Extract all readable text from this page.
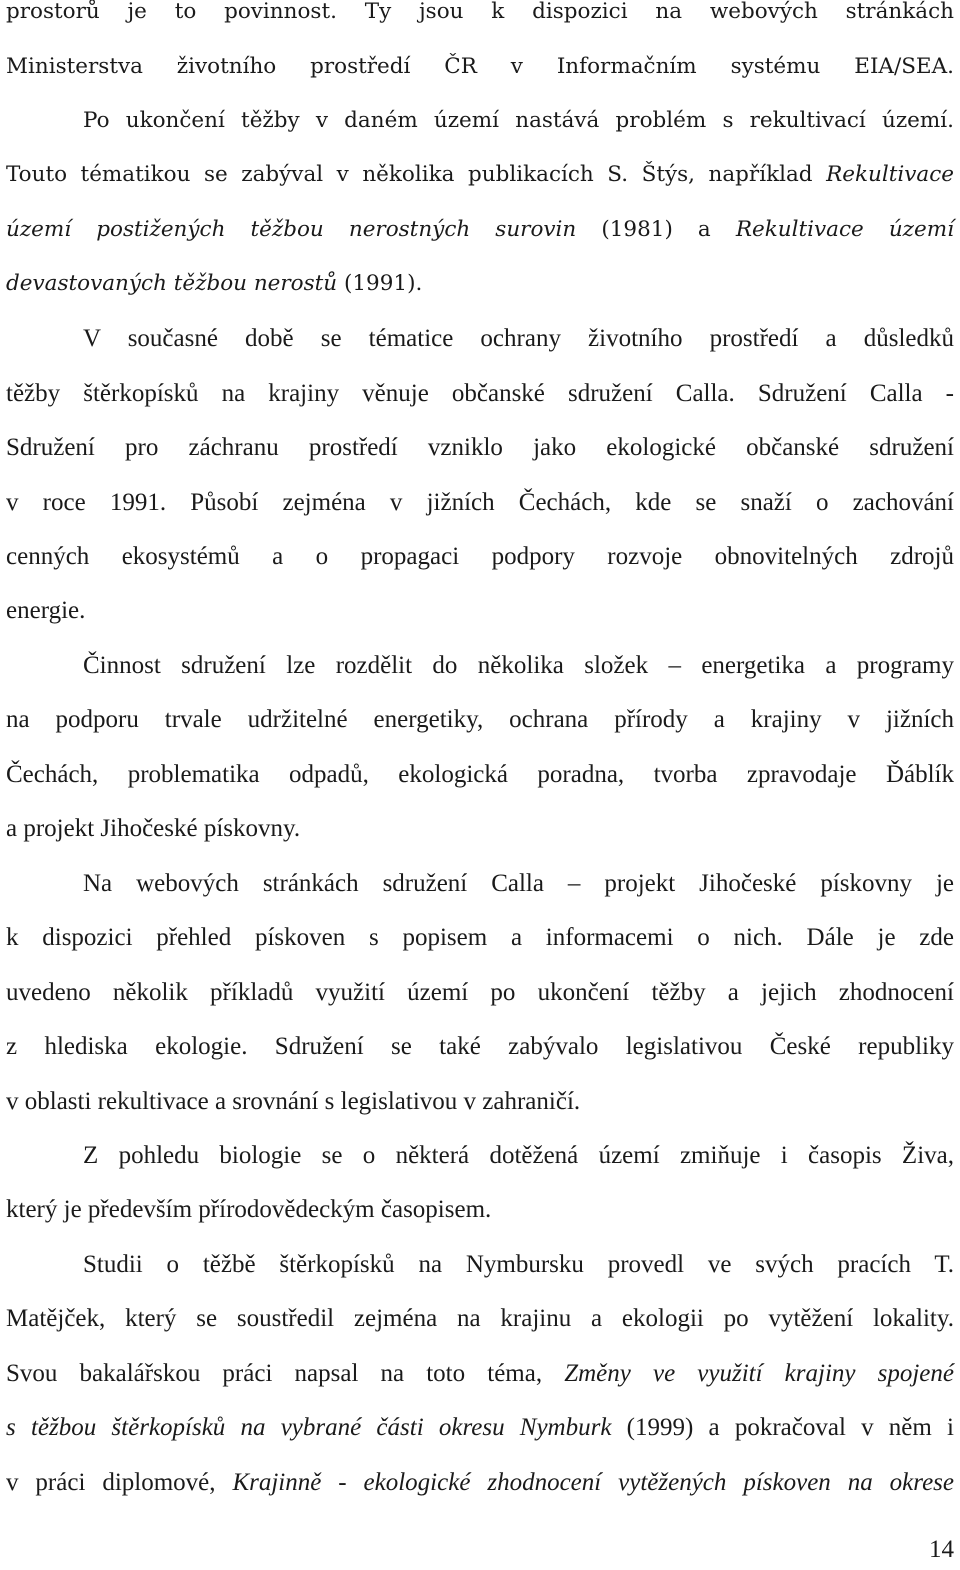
prostorů je to povinnost. Ty jsou k dispozici na webových stránkách
Ministerstva životního prostředí ČR v Informačním systému EIA/SEA.
Po ukončení těžby v daném území nastává problém s rekultivací území.
Touto tématikou se zabýval v několika publikacích S. Štýs, například Rekultivace
území postižených těžbou nerostných surovin (1981) a Rekultivace území
devastovaných těžbou nerostů (1991).
V současné době se tématice ochrany životního prostředí a důsledků
těžby štěrkopísků na krajiny věnuje občanské sdružení Calla. Sdružení Calla -
Sdružení pro záchranu prostředí vzniklo jako ekologické občanské sdružení
v roce 1991. Působí zejména v jižních Čechách, kde se snaží o zachování
cenných ekosystémů a o propagaci podpory rozvoje obnovitelných zdrojů
energie.
Činnost sdružení lze rozdělit do několika složek – energetika a programy
na podporu trvale udržitelné energetiky, ochrana přírody a krajiny v jižních
Čechách, problematika odpadů, ekologická poradna, tvorba zpravodaje Ďáblík
a projekt Jihočeské pískovny.
Na webových stránkách sdružení Calla – projekt Jihočeské pískovny je
k dispozici přehled pískoven s popisem a informacemi o nich. Dále je zde
uvedeno několik příkladů využití území po ukončení těžby a jejich zhodnocení
z hlediska ekologie. Sdružení se také zabývalo legislativou České republiky
v oblasti rekultivace a srovnání s legislativou v zahraničí.
Z pohledu biologie se o některá dotěžená území zmiňuje i časopis Živa,
který je především přírodovědeckým časopisem.
Studii o těžbě štěrkopísků na Nymbursku provedl ve svých pracích T.
Matějček, který se soustředil zejména na krajinu a ekologii po vytěžení lokality.
Svou bakalářskou práci napsal na toto téma, Změny ve využití krajiny spojené
s těžbou štěrkopísků na vybrané části okresu Nymburk (1999) a pokračoval v něm i
v práci diplomové, Krajinně - ekologické zhodnocení vytěžených pískoven na okrese
14
